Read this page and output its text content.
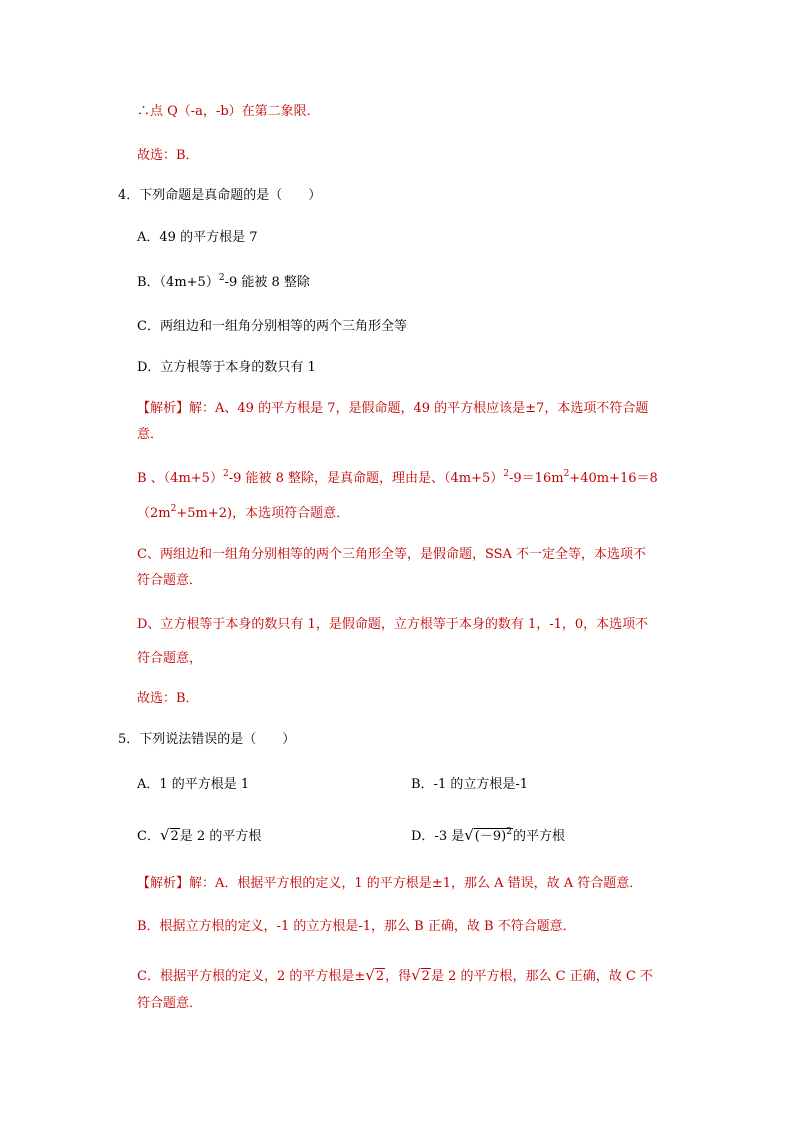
∴点 Q（-a，-b）在第二象限．
故选：B．
4．下列命题是真命题的是（　　）
A．49 的平方根是 7
B．$(4m+5)^2-9$ 能被 8 整除
C．两组边和一组角分别相等的两个三角形全等
D．立方根等于本身的数只有 1
【解析】解：A、49 的平方根是 7，是假命题，49 的平方根应该是±7，本选项不符合题
意．
B 、$(4m+5)^2-9$ 能被 8 整除，是真命题，理由是、$(4m+5)^2-9=16m^2+40m+16=8$
$(2m^2+5m+2)$，本选项符合题意．
C、两组边和一组角分别相等的两个三角形全等，是假命题，SSA 不一定全等，本选项不
符合题意．
D、立方根等于本身的数只有 1，是假命题，立方根等于本身的数有 1，-1，0，本选项不
符合题意，
故选：B．
5．下列说法错误的是（　　）
A．1 的平方根是 1	B．-1 的立方根是-1
C．√2是 2 的平方根	D．-3 是$√(-9)^2$的平方根
【解析】解：A．根据平方根的定义，1 的平方根是±1，那么 A 错误，故 A 符合题意．
B．根据立方根的定义，-1 的立方根是-1，那么 B 正确，故 B 不符合题意．
C．根据平方根的定义，2 的平方根是±√2，得√2是 2 的平方根，那么 C 正确，故 C 不
符合题意．
